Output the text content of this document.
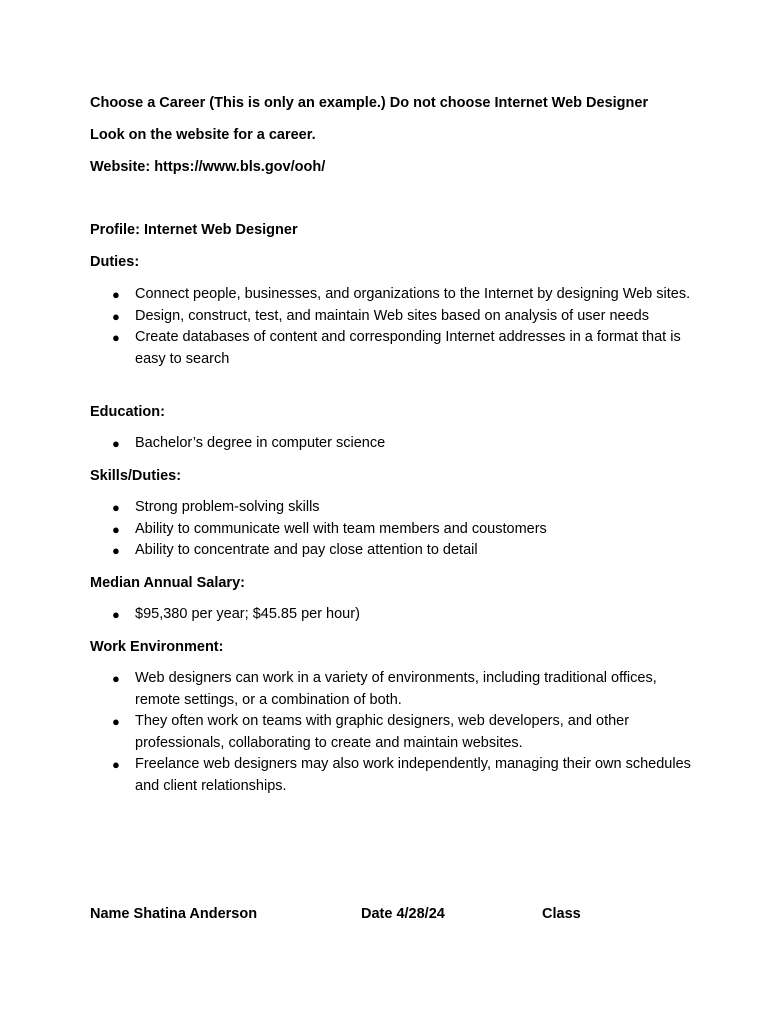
Choose a Career (This is only an example.) Do not choose Internet Web Designer
Look on the website for a career.
Website: https://www.bls.gov/ooh/
Profile: Internet Web Designer
Duties:
● Connect people, businesses, and organizations to the Internet by designing Web sites.
● Design, construct, test, and maintain Web sites based on analysis of user needs
● Create databases of content and corresponding Internet addresses in a format that is easy to search
Education:
● Bachelor’s degree in computer science
Skills/Duties:
● Strong problem-solving skills
● Ability to communicate well with team members and coustomers
● Ability to concentrate and pay close attention to detail
Median Annual Salary:
● $95,380 per year; $45.85 per hour)
Work Environment:
● Web designers can work in a variety of environments, including traditional offices, remote settings, or a combination of both.
● They often work on teams with graphic designers, web developers, and other professionals, collaborating to create and maintain websites.
● Freelance web designers may also work independently, managing their own schedules and client relationships.
Name Shatina Anderson	Date 4/28/24	Class
